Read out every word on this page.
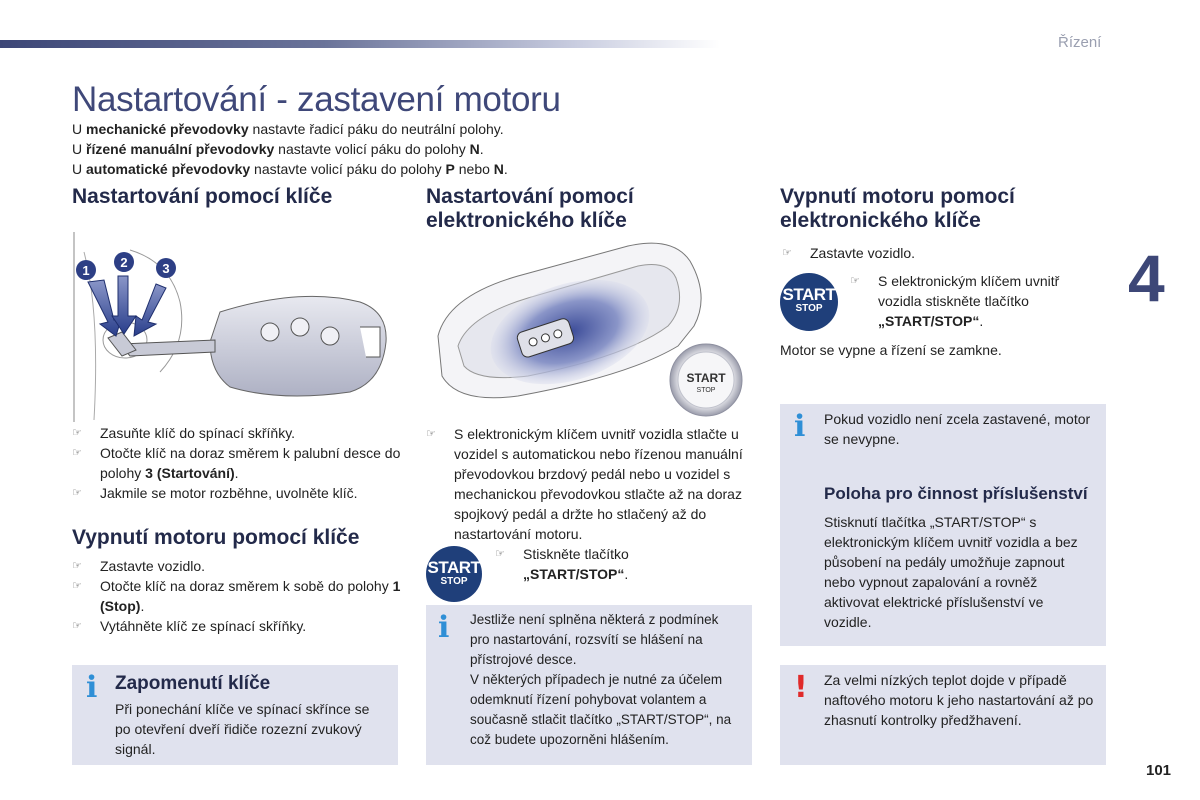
Řízení
4
101
Nastartování - zastavení motoru
U mechanické převodovky nastavte řadicí páku do neutrální polohy.
U řízené manuální převodovky nastavte volicí páku do polohy N.
U automatické převodovky nastavte volicí páku do polohy P nebo N.
Nastartování pomocí klíče
1
2	3
☞ Zasuňte klíč do spínací skříňky.
☞ Otočte klíč na doraz směrem k palubní desce do polohy 3 (Startování).
☞ Jakmile se motor rozběhne, uvolněte klíč.
Vypnutí motoru pomocí klíče
☞ Zastavte vozidlo.
☞ Otočte klíč na doraz směrem k sobě do polohy 1 (Stop).
☞ Vytáhněte klíč ze spínací skříňky.
ℹ Zapomenutí klíče
Při ponechání klíče ve spínací skřínce se po otevření dveří řidiče rozezní zvukový signál.
Nastartování pomocí elektronického klíče
START
STOP
☞ S elektronickým klíčem uvnitř vozidla stlačte u vozidel s automatickou nebo řízenou manuální převodovkou brzdový pedál nebo u vozidel s mechanickou převodovkou stlačte až na doraz spojkový pedál a držte ho stlačený až do nastartování motoru.
START
STOP
☞ Stiskněte tlačítko
„START/STOP“.
ℹ Jestliže není splněna některá z podmínek pro nastartování, rozsvítí se hlášení na přístrojové desce.
V některých případech je nutné za účelem odemknutí řízení pohybovat volantem a současně stlačit tlačítko „START/STOP“, na což budete upozorněni hlášením.
Vypnutí motoru pomocí elektronického klíče
☞ Zastavte vozidlo.
START
STOP
☞ S elektronickým klíčem uvnitř vozidla stiskněte tlačítko
„START/STOP“.
Motor se vypne a řízení se zamkne.
ℹ Pokud vozidlo není zcela zastavené, motor se nevypne.
Poloha pro činnost příslušenství
Stisknutí tlačítka „START/STOP“ s elektronickým klíčem uvnitř vozidla a bez působení na pedály umožňuje zapnout nebo vypnout zapalování a rovněž aktivovat elektrické příslušenství ve vozidle.
! Za velmi nízkých teplot dojde v případě naftového motoru k jeho nastartování až po zhasnutí kontrolky předžhavení.
